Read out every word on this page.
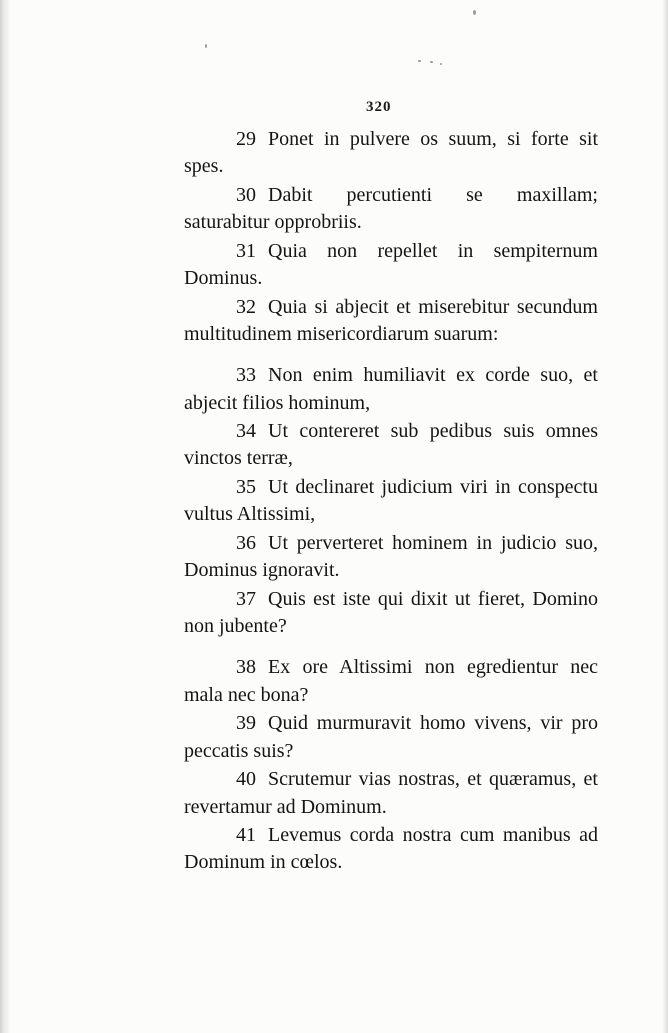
320

29 Ponet in pulvere os suum, si forte sit spes.

30 Dabit percutienti se maxillam; saturabitur opprobriis.

31 Quia non repellet in sempiternum Dominus.

32 Quia si abjecit et miserebitur secundum multitudinem misericordiarum suarum:

33 Non enim humiliavit ex corde suo, et abjecit filios hominum,

34 Ut contereret sub pedibus suis omnes vinctos terræ,

35 Ut declinaret judicium viri in conspectu vultus Altissimi,

36 Ut perverteret hominem in judicio suo, Dominus ignoravit.

37 Quis est iste qui dixit ut fieret, Domino non jubente?

38 Ex ore Altissimi non egredientur nec mala nec bona?

39 Quid murmuravit homo vivens, vir pro peccatis suis?

40 Scrutemur vias nostras, et quæramus, et revertamur ad Dominum.

41 Levemus corda nostra cum manibus ad Dominum in cœlos.
